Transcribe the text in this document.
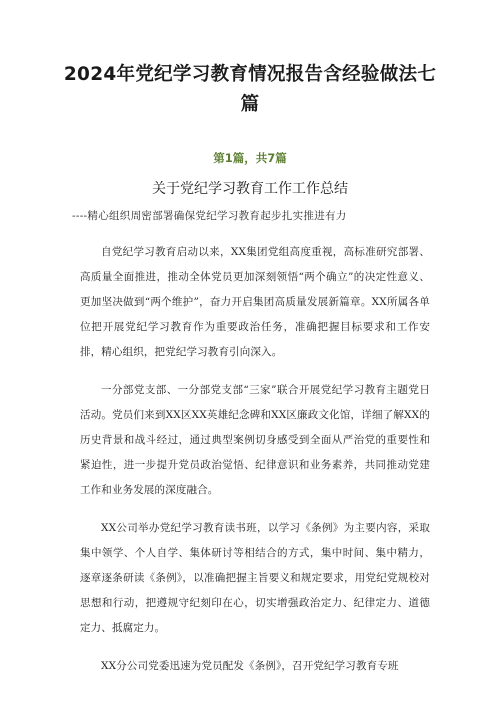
2024年党纪学习教育情况报告含经验做法七篇
第1篇，共7篇
关于党纪学习教育工作工作总结
----精心组织周密部署确保党纪学习教育起步扎实推进有力

自党纪学习教育启动以来，XX集团党组高度重视，高标准研究部署、高质量全面推进，推动全体党员更加深刻领悟“两个确立”的决定性意义、更加坚决做到“两个维护”，奋力开启集团高质量发展新篇章。XX所属各单位把开展党纪学习教育作为重要政治任务，准确把握目标要求和工作安排，精心组织，把党纪学习教育引向深入。

一分部党支部、一分部党支部“三家”联合开展党纪学习教育主题党日活动。党员们来到XX区XX英雄纪念碑和XX区廉政文化馆，详细了解XX的历史背景和战斗经过，通过典型案例切身感受到全面从严治党的重要性和紧迫性，进一步提升党员政治觉悟、纪律意识和业务素养，共同推动党建工作和业务发展的深度融合。

XX公司举办党纪学习教育读书班，以学习《条例》为主要内容，采取集中领学、个人自学、集体研讨等相结合的方式，集中时间、集中精力，逐章逐条研读《条例》，以准确把握主旨要义和规定要求，用党纪党规校对思想和行动，把遵规守纪刻印在心，切实增强政治定力、纪律定力、道德定力、抵腐定力。

XX分公司党委迅速为党员配发《条例》，召开党纪学习教育专班
